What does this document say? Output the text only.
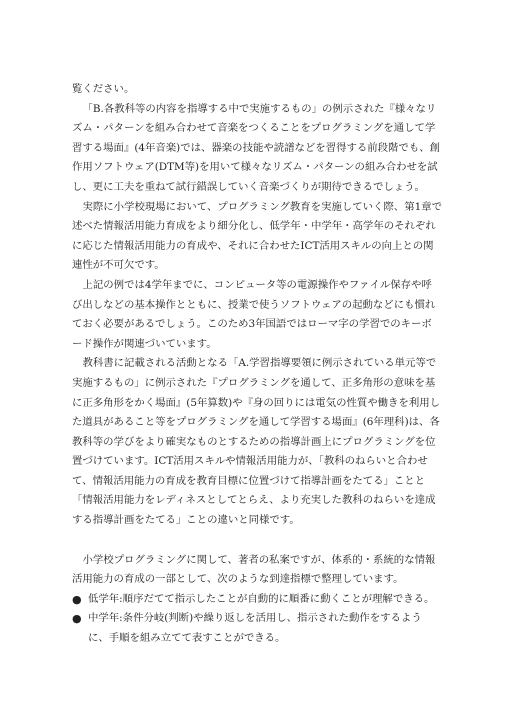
覧ください。

「B.各教科等の内容を指導する中で実施するもの」の例示された『様々なリズム・パターンを組み合わせて音楽をつくることをプログラミングを通して学習する場面』(4年音楽)では、器楽の技能や読譜などを習得する前段階でも、創作用ソフトウェア(DTM等)を用いて様々なリズム・パターンの組み合わせを試し、更に工夫を重ねて試行錯誤していく音楽づくりが期待できるでしょう。

実際に小学校現場において、プログラミング教育を実施していく際、第1章で述べた情報活用能力育成をより細分化し、低学年・中学年・高学年のそれぞれに応じた情報活用能力の育成や、それに合わせたICT活用スキルの向上との関連性が不可欠です。

上記の例では4学年までに、コンピュータ等の電源操作やファイル保存や呼び出しなどの基本操作とともに、授業で使うソフトウェアの起動などにも慣れておく必要があるでしょう。このため3年国語ではローマ字の学習でのキーボード操作が関連づいています。

教科書に記載される活動となる「A.学習指導要領に例示されている単元等で実施するもの」に例示された『プログラミングを通して、正多角形の意味を基に正多角形をかく場面』(5年算数)や『身の回りには電気の性質や働きを利用した道具があること等をプログラミングを通して学習する場面』(6年理科)は、各教科等の学びをより確実なものとするための指導計画上にプログラミングを位置づけています。ICT活用スキルや情報活用能力が、「教科のねらいと合わせて、情報活用能力の育成を教育目標に位置づけて指導計画をたてる」ことと「情報活用能力をレディネスとしてとらえ、より充実した教科のねらいを達成する指導計画をたてる」ことの違いと同様です。

小学校プログラミングに関して、著者の私案ですが、体系的・系統的な情報活用能力の育成の一部として、次のような到達指標で整理しています。

● 低学年:順序だてて指示したことが自動的に順番に動くことが理解できる。
● 中学年:条件分岐(判断)や繰り返しを活用し、指示された動作をするように、手順を組み立てて表すことができる。
